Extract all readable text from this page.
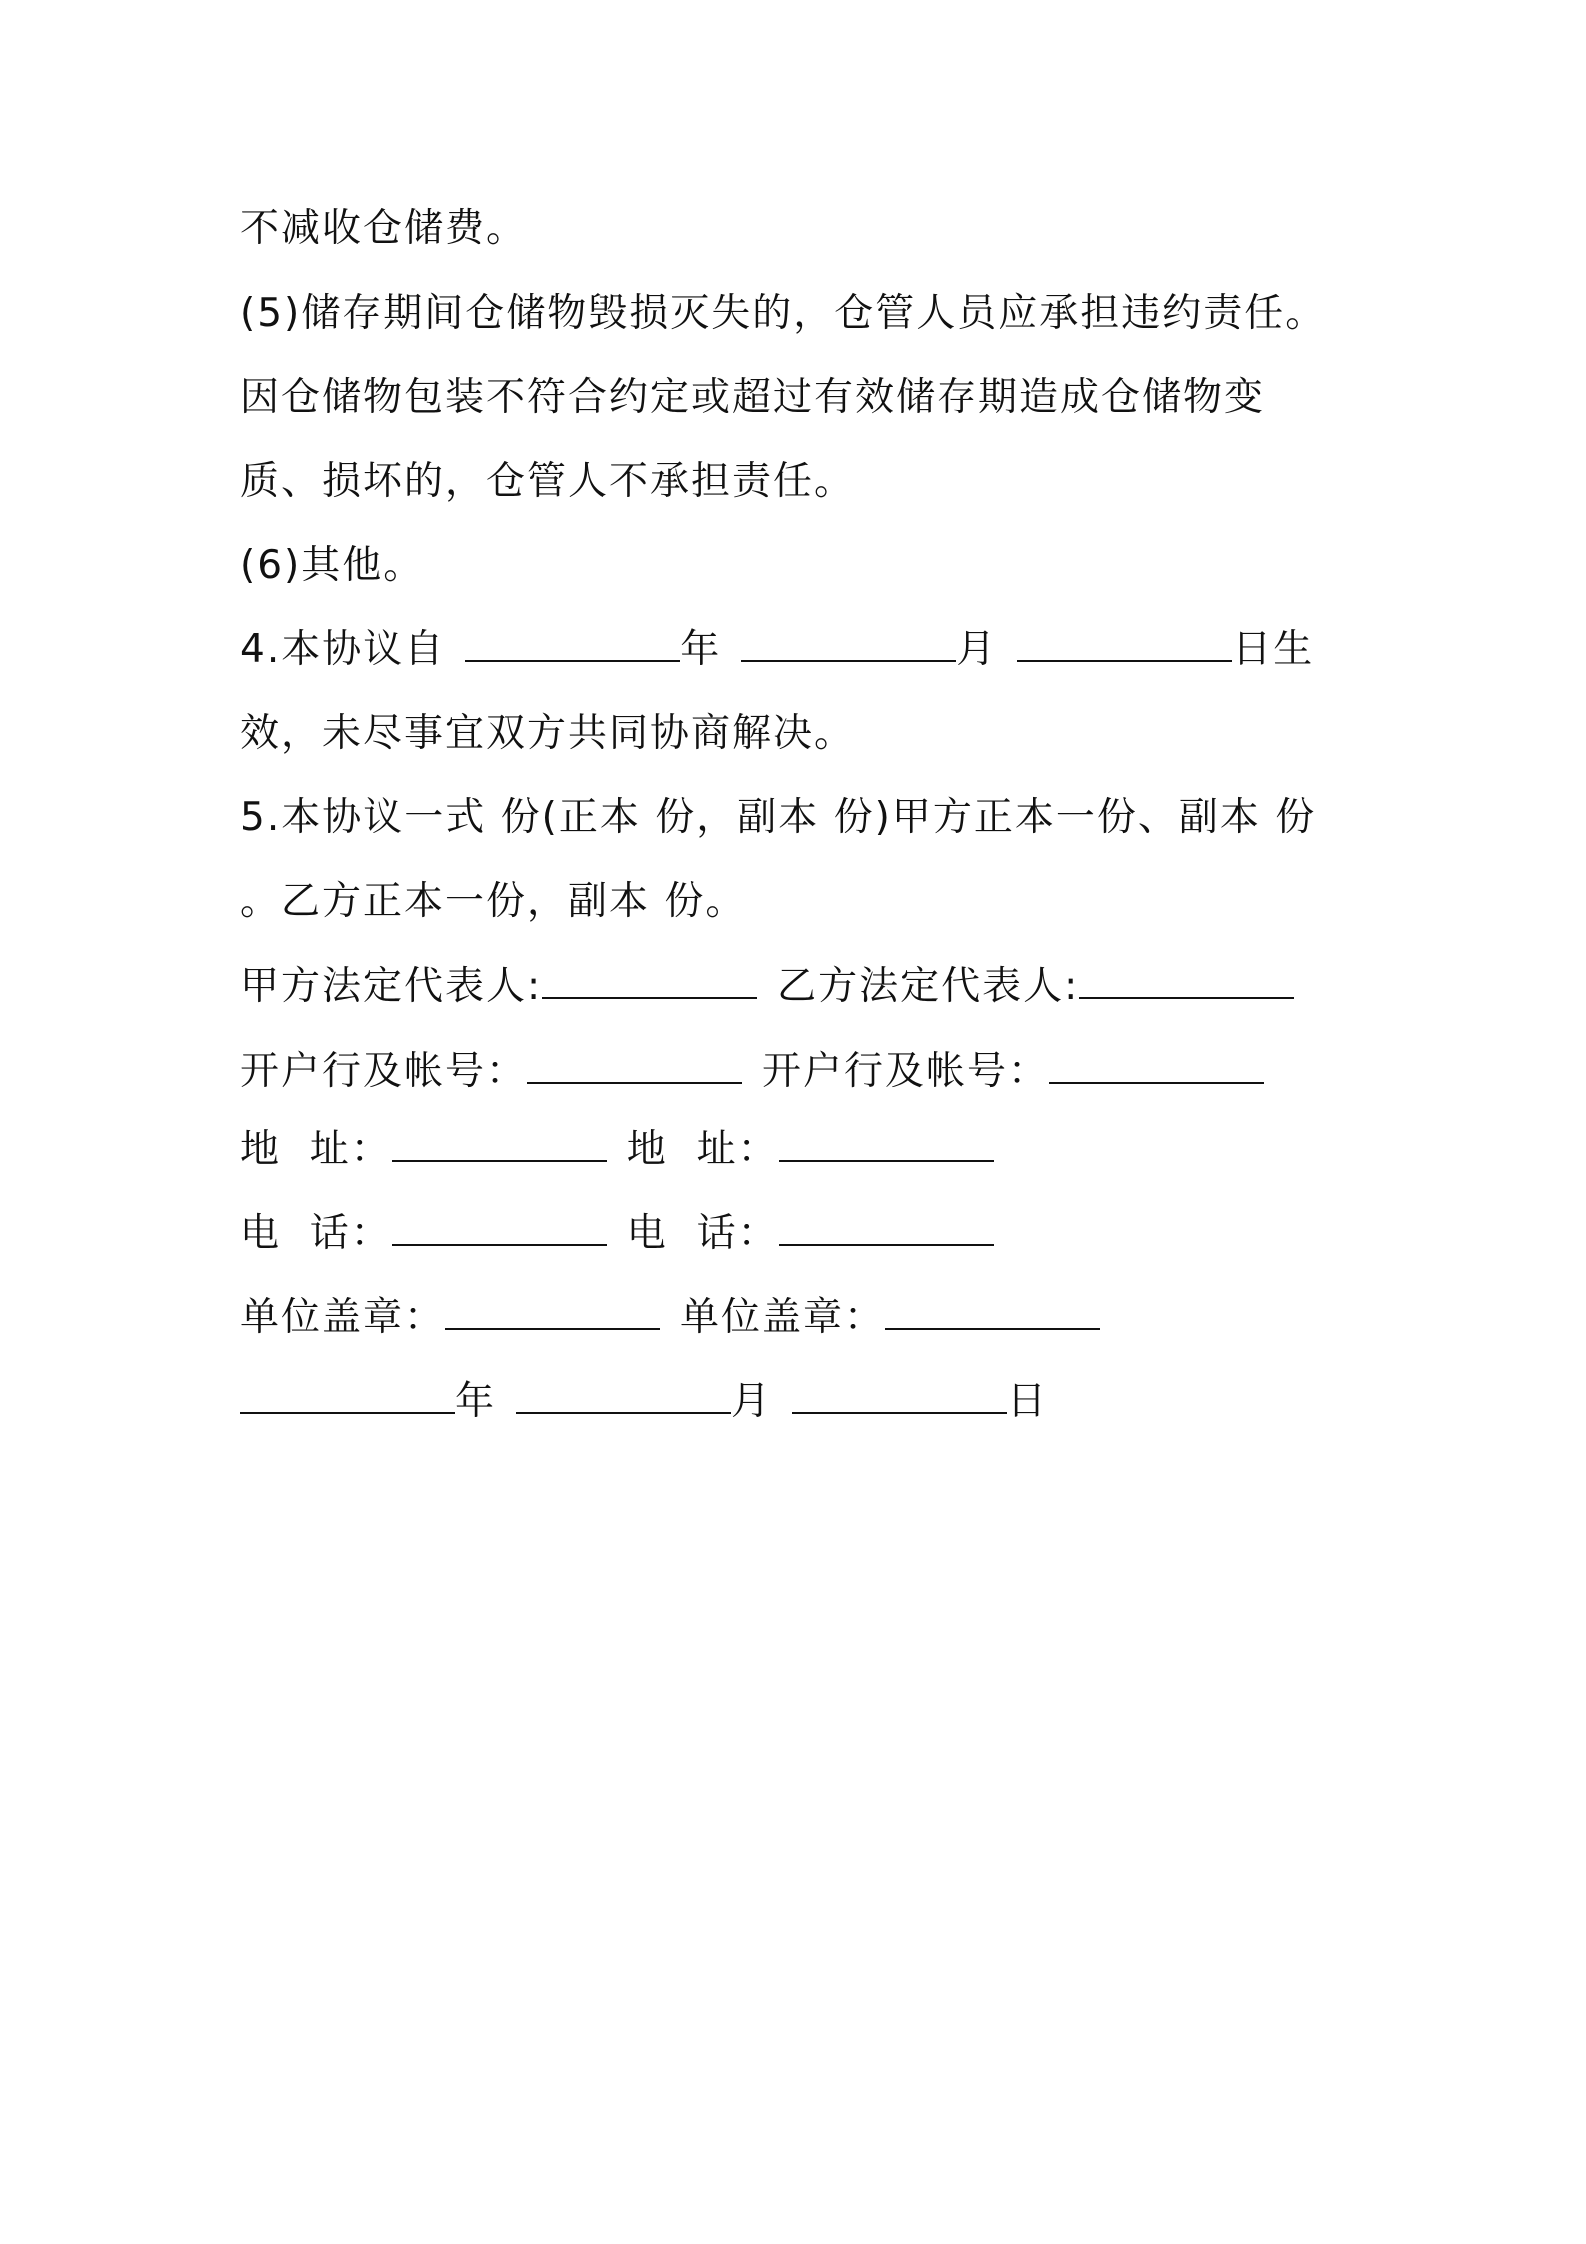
不减收仓储费。
(5)储存期间仓储物毁损灭失的，仓管人员应承担违约责任。
因仓储物包装不符合约定或超过有效储存期造成仓储物变
质、损坏的，仓管人不承担责任。
(6)其他。
4.本协议自	年	月	日生
效，未尽事宜双方共同协商解决。
5.本协议一式 份(正本 份，副本 份)甲方正本一份、副本 份
。乙方正本一份，副本 份。
甲方法定代表人:	乙方法定代表人:
开户行及帐号：	开户行及帐号：
地  址：	地  址：
电  话：	电  话：
单位盖章：	单位盖章：
年	月	日
